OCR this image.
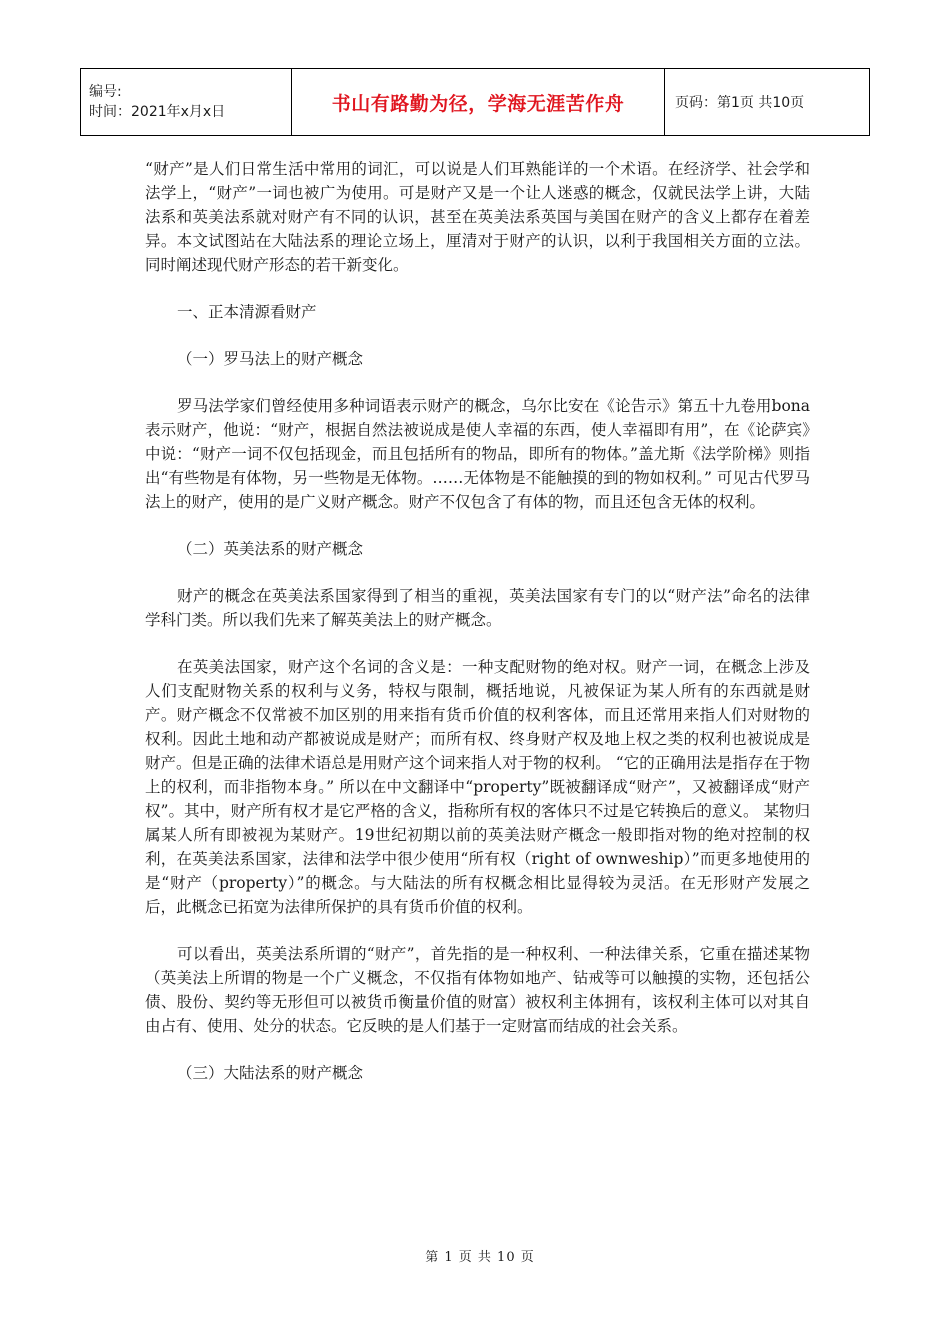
编号:
时间：2021年x月x日	书山有路勤为径，学海无涯苦作舟	页码：第1页 共10页

“财产”是人们日常生活中常用的词汇，可以说是人们耳熟能详的一个术语。在经济学、社会学和法学上，“财产”一词也被广为使用。可是财产又是一个让人迷惑的概念，仅就民法学上讲，大陆法系和英美法系就对财产有不同的认识，甚至在英美法系英国与美国在财产的含义上都存在着差异。本文试图站在大陆法系的理论立场上，厘清对于财产的认识，以利于我国相关方面的立法。同时阐述现代财产形态的若干新变化。

一、正本清源看财产

（一）罗马法上的财产概念

罗马法学家们曾经使用多种词语表示财产的概念，乌尔比安在《论告示》第五十九卷用bona表示财产，他说：“财产，根据自然法被说成是使人幸福的东西，使人幸福即有用”，在《论萨宾》中说：“财产一词不仅包括现金，而且包括所有的物品，即所有的物体。”盖尤斯《法学阶梯》则指出“有些物是有体物，另一些物是无体物。……无体物是不能触摸的到的物如权利。” 可见古代罗马法上的财产，使用的是广义财产概念。财产不仅包含了有体的物，而且还包含无体的权利。

（二）英美法系的财产概念

财产的概念在英美法系国家得到了相当的重视，英美法国家有专门的以“财产法”命名的法律学科门类。所以我们先来了解英美法上的财产概念。

在英美法国家，财产这个名词的含义是：一种支配财物的绝对权。财产一词，在概念上涉及人们支配财物关系的权利与义务，特权与限制，概括地说，凡被保证为某人所有的东西就是财产。财产概念不仅常被不加区别的用来指有货币价值的权利客体，而且还常用来指人们对财物的权利。因此土地和动产都被说成是财产；而所有权、终身财产权及地上权之类的权利也被说成是财产。但是正确的法律术语总是用财产这个词来指人对于物的权利。 “它的正确用法是指存在于物上的权利，而非指物本身。” 所以在中文翻译中“property”既被翻译成“财产”，又被翻译成“财产权”。其中，财产所有权才是它严格的含义，指称所有权的客体只不过是它转换后的意义。 某物归属某人所有即被视为某财产。19世纪初期以前的英美法财产概念一般即指对物的绝对控制的权利，在英美法系国家，法律和法学中很少使用“所有权（right of ownweship）”而更多地使用的是“财产（property）”的概念。与大陆法的所有权概念相比显得较为灵活。在无形财产发展之后，此概念已拓宽为法律所保护的具有货币价值的权利。

可以看出，英美法系所谓的“财产”，首先指的是一种权利、一种法律关系，它重在描述某物（英美法上所谓的物是一个广义概念，不仅指有体物如地产、钻戒等可以触摸的实物，还包括公债、股份、契约等无形但可以被货币衡量价值的财富）被权利主体拥有，该权利主体可以对其自由占有、使用、处分的状态。它反映的是人们基于一定财富而结成的社会关系。

（三）大陆法系的财产概念

第 1 页 共 10 页
